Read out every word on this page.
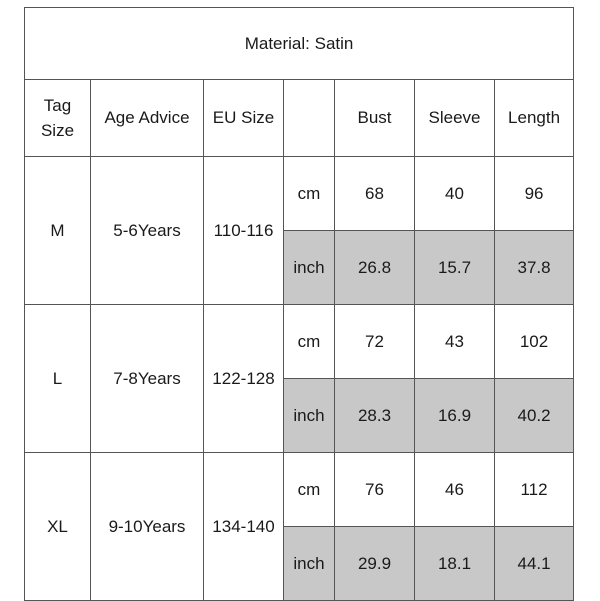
Material: Satin						
Tag
Size	Age Advice	EU Size		Bust	Sleeve	Length
M	5-6Years	110-116	cm	68	40	96
			inch	26.8	15.7	37.8
L	7-8Years	122-128	cm	72	43	102
			inch	28.3	16.9	40.2
XL	9-10Years	134-140	cm	76	46	112
			inch	29.9	18.1	44.1
